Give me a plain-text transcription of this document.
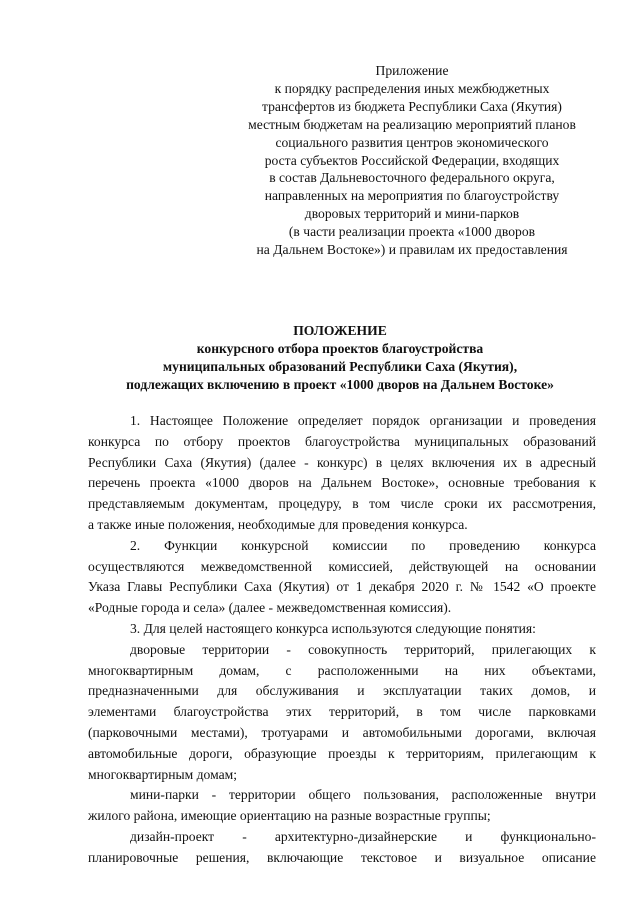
Приложение
к порядку распределения иных межбюджетных
трансфертов из бюджета Республики Саха (Якутия)
местным бюджетам на реализацию мероприятий планов
социального развития центров экономического
роста субъектов Российской Федерации, входящих
в состав Дальневосточного федерального округа,
направленных на мероприятия по благоустройству
дворовых территорий и мини-парков
(в части реализации проекта «1000 дворов
на Дальнем Востоке») и правилам их предоставления
ПОЛОЖЕНИЕ
конкурсного отбора проектов благоустройства
муниципальных образований Республики Саха (Якутия),
подлежащих включению в проект «1000 дворов на Дальнем Востоке»
1. Настоящее Положение определяет порядок организации и проведения
конкурса по отбору проектов благоустройства муниципальных образований
Республики Саха (Якутия) (далее - конкурс) в целях включения их в адресный
перечень проекта «1000 дворов на Дальнем Востоке», основные требования к
представляемым документам, процедуру, в том числе сроки их рассмотрения,
а также иные положения, необходимые для проведения конкурса.
2. Функции конкурсной комиссии по проведению конкурса
осуществляются межведомственной комиссией, действующей на основании
Указа Главы Республики Саха (Якутия) от 1 декабря 2020 г. № 1542 «О проекте
«Родные города и села» (далее - межведомственная комиссия).
3. Для целей настоящего конкурса используются следующие понятия:
дворовые территории - совокупность территорий, прилегающих к
многоквартирным домам, с расположенными на них объектами,
предназначенными для обслуживания и эксплуатации таких домов, и
элементами благоустройства этих территорий, в том числе парковками
(парковочными местами), тротуарами и автомобильными дорогами, включая
автомобильные дороги, образующие проезды к территориям, прилегающим к
многоквартирным домам;
мини-парки - территории общего пользования, расположенные внутри
жилого района, имеющие ориентацию на разные возрастные группы;
дизайн-проект - архитектурно-дизайнерские и функционально-
планировочные решения, включающие текстовое и визуальное описание
